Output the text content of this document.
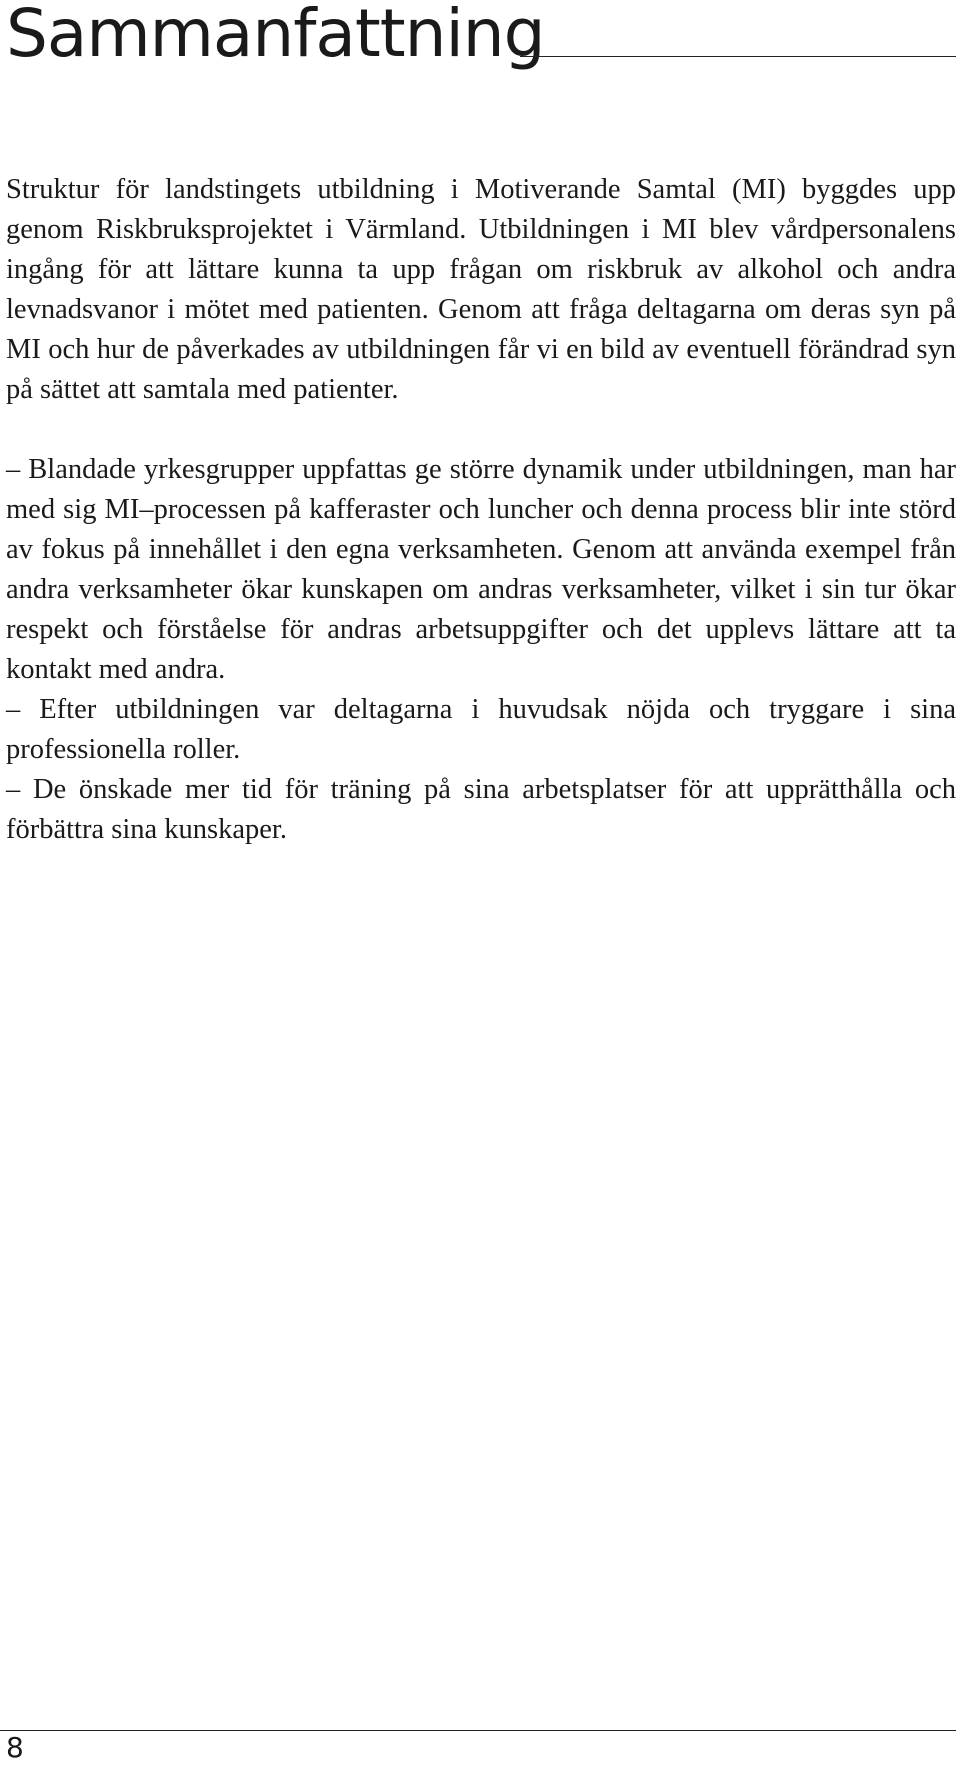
Sammanfattning

Struktur för landstingets utbildning i Motiverande Samtal (MI) byggdes upp genom Riskbruksprojektet i Värmland. Utbildningen i MI blev vårdpersonalens ingång för att lättare kunna ta upp frågan om riskbruk av alkohol och andra levnadsvanor i mötet med patienten. Genom att fråga deltagarna om deras syn på MI och hur de påverkades av utbildningen får vi en bild av eventuell förändrad syn på sättet att samtala med patienter.

– Blandade yrkesgrupper uppfattas ge större dynamik under utbildningen, man har med sig MI–processen på kafferaster och luncher och denna process blir inte störd av fokus på innehållet i den egna verksamheten. Genom att använda exempel från andra verksamheter ökar kunskapen om andras verksamheter, vilket i sin tur ökar respekt och förståelse för andras arbetsuppgifter och det upplevs lättare att ta kontakt med andra.

– Efter utbildningen var deltagarna i huvudsak nöjda och tryggare i sina professionella roller.

– De önskade mer tid för träning på sina arbetsplatser för att upprätthålla och förbättra sina kunskaper.

8
